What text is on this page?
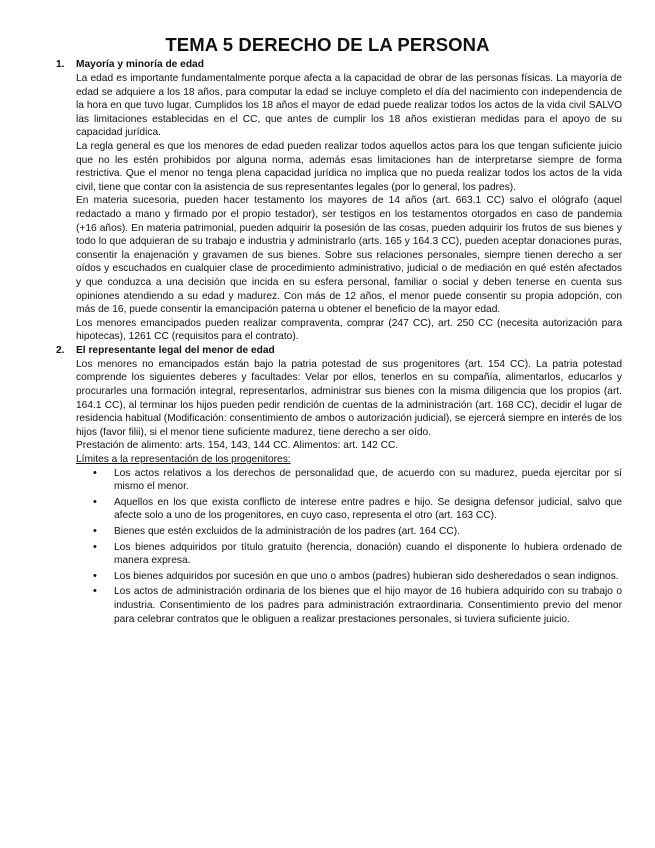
TEMA 5 DERECHO DE LA PERSONA
1.	Mayoría y minoría de edad

La edad es importante fundamentalmente porque afecta a la capacidad de obrar de las personas físicas. La mayoría de edad se adquiere a los 18 años, para computar la edad se incluye completo el día del nacimiento con independencia de la hora en que tuvo lugar. Cumplidos los 18 años el mayor de edad puede realizar todos los actos de la vida civil SALVO las limitaciones establecidas en el CC, que antes de cumplir los 18 años existieran medidas para el apoyo de su capacidad jurídica.

La regla general es que los menores de edad pueden realizar todos aquellos actos para los que tengan suficiente juicio que no les estén prohibidos por alguna norma, además esas limitaciones han de interpretarse siempre de forma restrictiva. Que el menor no tenga plena capacidad jurídica no implica que no pueda realizar todos los actos de la vida civil, tiene que contar con la asistencia de sus representantes legales (por lo general, los padres).

En materia sucesoria, pueden hacer testamento los mayores de 14 años (art. 663.1 CC) salvo el ológrafo (aquel redactado a mano y firmado por el propio testador), ser testigos en los testamentos otorgados en caso de pandemia (+16 años). En materia patrimonial, pueden adquirir la posesión de las cosas, pueden adquirir los frutos de sus bienes y todo lo que adquieran de su trabajo e industria y administrarlo (arts. 165 y 164.3 CC), pueden aceptar donaciones puras, consentir la enajenación y gravamen de sus bienes. Sobre sus relaciones personales, siempre tienen derecho a ser oídos y escuchados en cualquier clase de procedimiento administrativo, judicial o de mediación en qué estén afectados y que conduzca a una decisión que incida en su esfera personal, familiar o social y deben tenerse en cuenta sus opiniones atendiendo a su edad y madurez. Con más de 12 años, el menor puede consentir su propia adopción, con más de 16, puede consentir la emancipación paterna u obtener el beneficio de la mayor edad.

Los menores emancipados pueden realizar compraventa, comprar (247 CC), art. 250 CC (necesita autorización para hipotecas), 1261 CC (requisitos para el contrato).

2.	El representante legal del menor de edad

Los menores no emancipados están bajo la patria potestad de sus progenitores (art. 154 CC). La patria potestad comprende los siguientes deberes y facultades: Velar por ellos, tenerlos en su compañía, alimentarlos, educarlos y procurarles una formación integral, representarlos, administrar sus bienes con la misma diligencia que los propios (art. 164.1 CC), al terminar los hijos pueden pedir rendición de cuentas de la administración (art. 168 CC), decidir el lugar de residencia habitual (Modificación: consentimiento de ambos o autorización judicial), se ejercerá siempre en interés de los hijos (favor filii), si el menor tiene suficiente madurez, tiene derecho a ser oído.

Prestación de alimento: arts. 154, 143, 144 CC. Alimentos: art. 142 CC.

Límites a la representación de los progenitores:

•	Los actos relativos a los derechos de personalidad que, de acuerdo con su madurez, pueda ejercitar por sí mismo el menor.
•	Aquellos en los que exista conflicto de interese entre padres e hijo. Se designa defensor judicial, salvo que afecte solo a uno de los progenitores, en cuyo caso, representa el otro (art. 163 CC).
•	Bienes que estén excluidos de la administración de los padres (art. 164 CC).
•	Los bienes adquiridos por título gratuito (herencia, donación) cuando el disponente lo hubiera ordenado de manera expresa.
•	Los bienes adquiridos por sucesión en que uno o ambos (padres) hubieran sido desheredados o sean indignos.
•	Los actos de administración ordinaria de los bienes que el hijo mayor de 16 hubiera adquirido con su trabajo o industria. Consentimiento de los padres para administración extraordinaria. Consentimiento previo del menor para celebrar contratos que le obliguen a realizar prestaciones personales, si tuviera suficiente juicio.
